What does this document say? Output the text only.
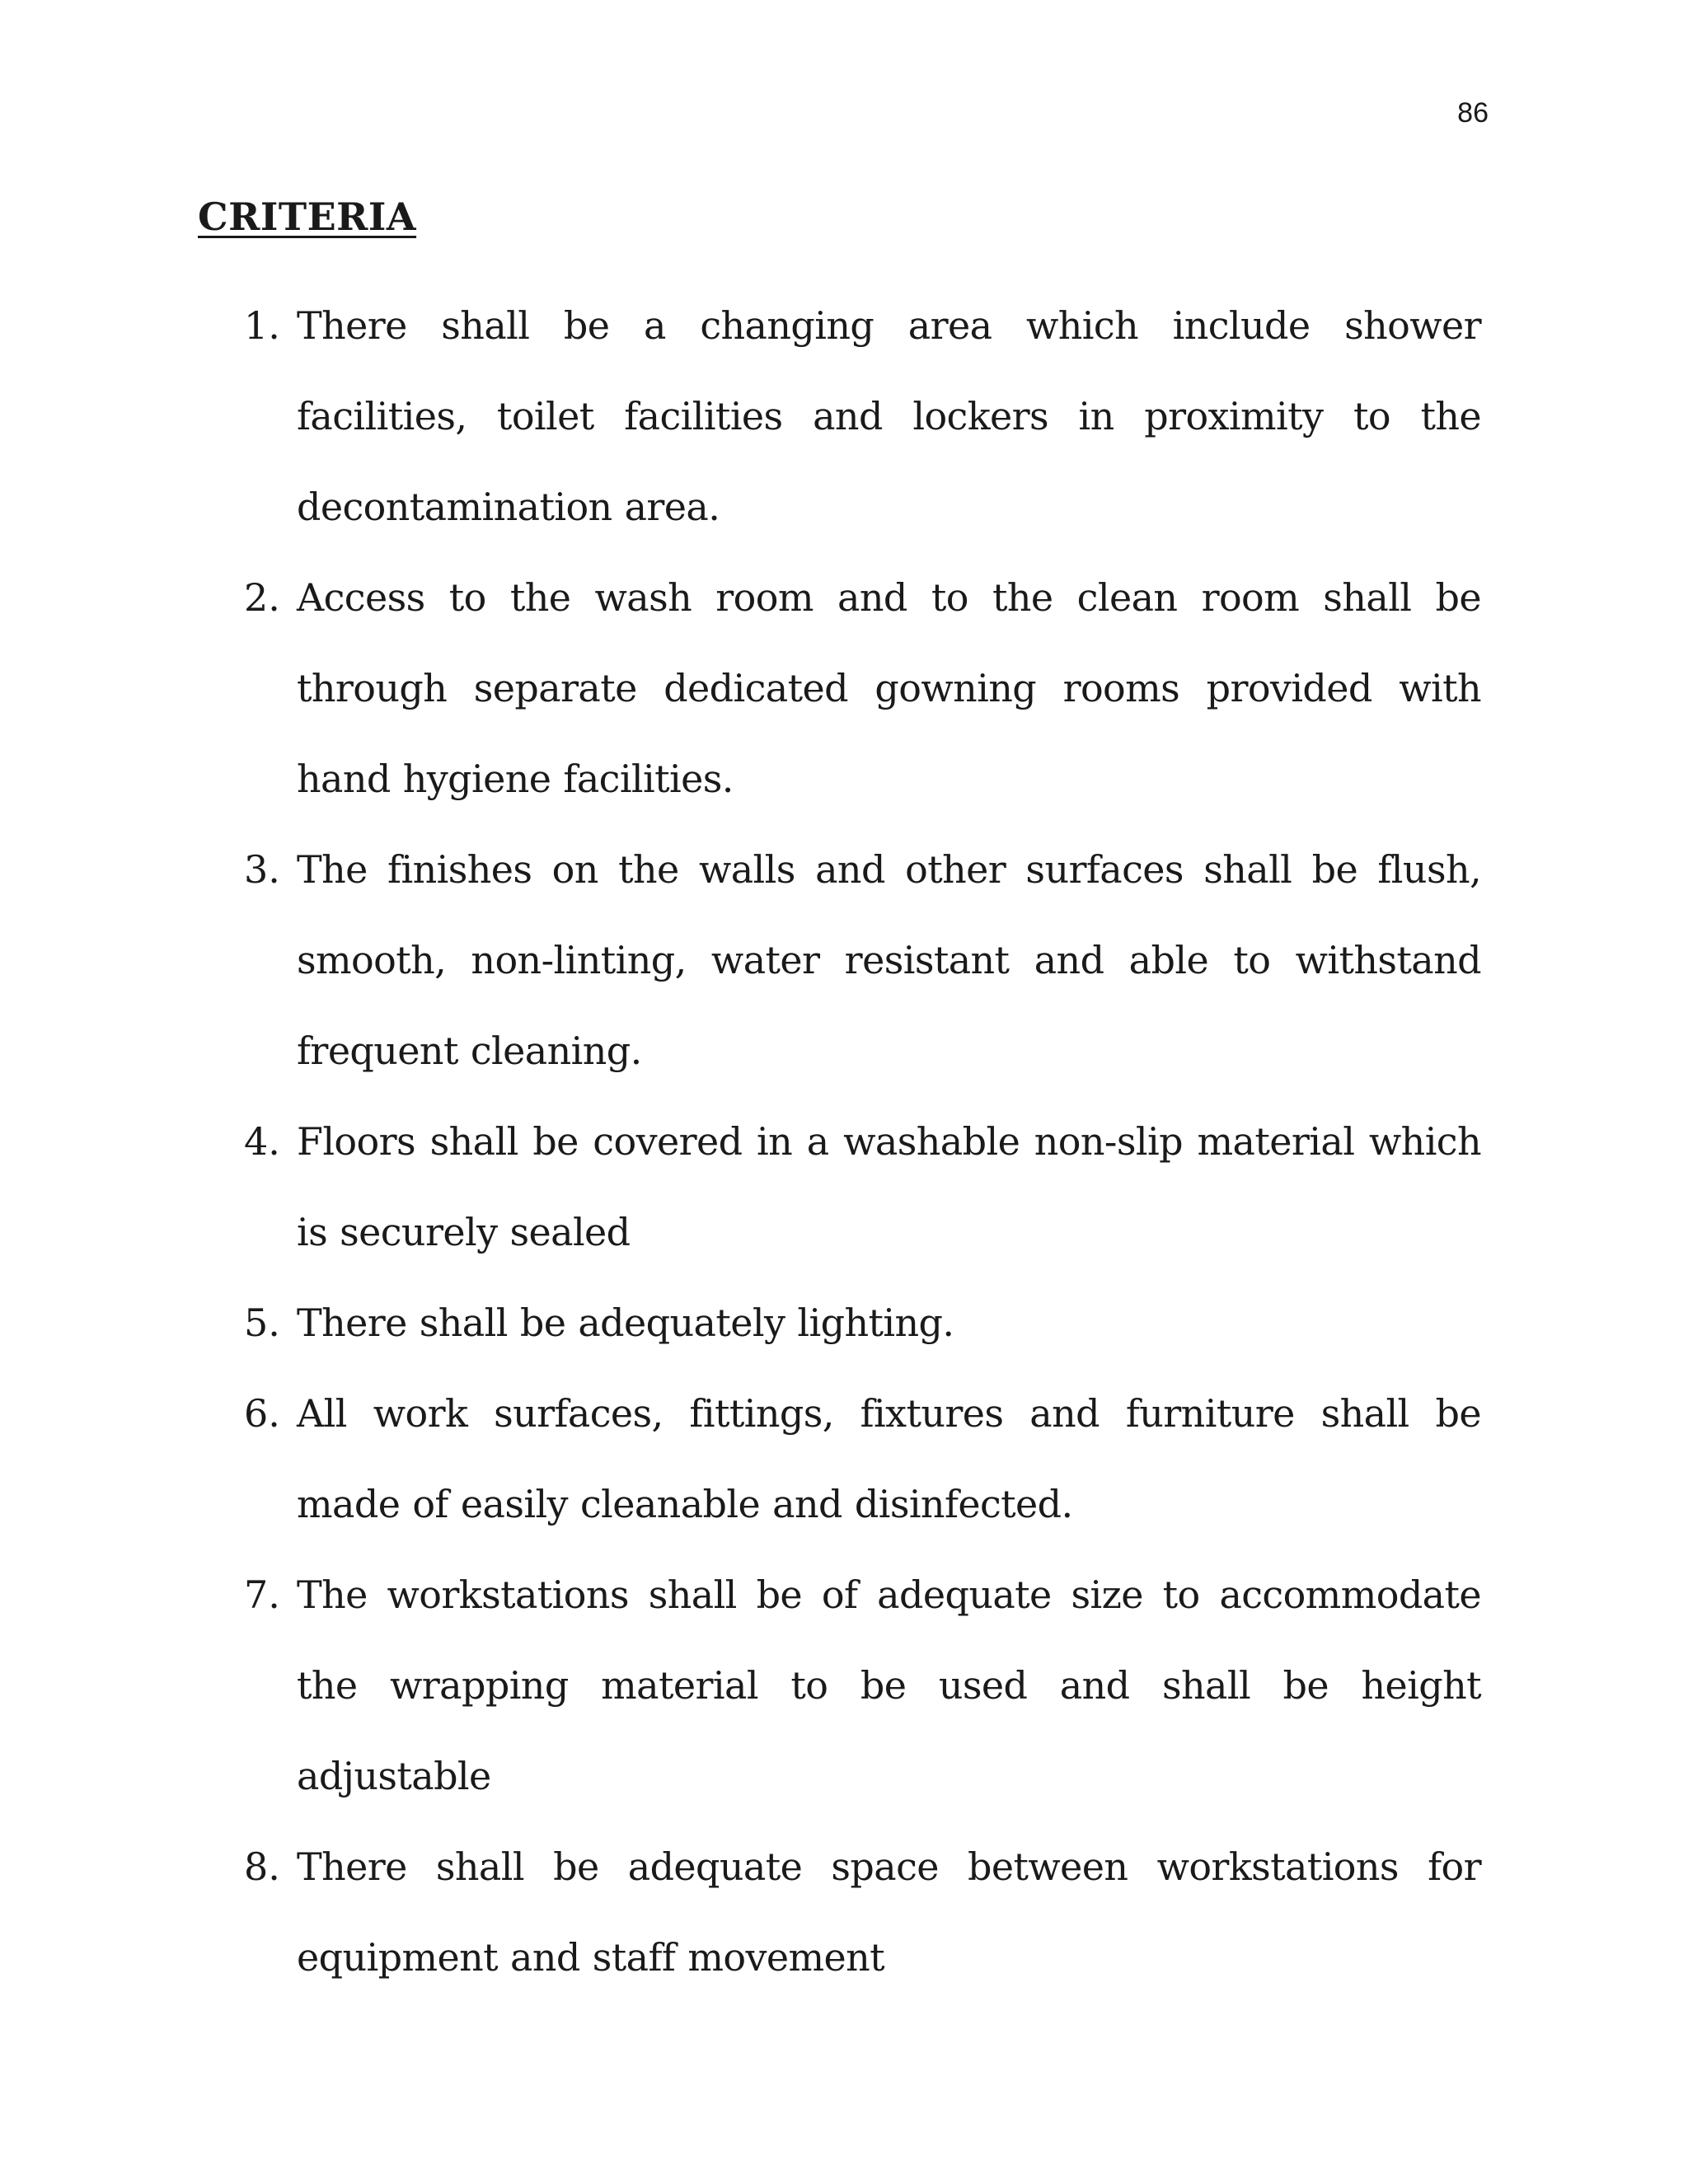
86
CRITERIA
1. There shall be a changing area which include shower facilities, toilet facilities and lockers in proximity to the decontamination area.
2. Access to the wash room and to the clean room shall be through separate dedicated gowning rooms provided with hand hygiene facilities.
3. The finishes on the walls and other surfaces shall be flush, smooth, non-linting, water resistant and able to withstand frequent cleaning.
4. Floors shall be covered in a washable non-slip material which is securely sealed
5. There shall be adequately lighting.
6. All work surfaces, fittings, fixtures and furniture shall be made of easily cleanable and disinfected.
7. The workstations shall be of adequate size to accommodate the wrapping material to be used and shall be height adjustable
8. There shall be adequate space between workstations for equipment and staff movement
